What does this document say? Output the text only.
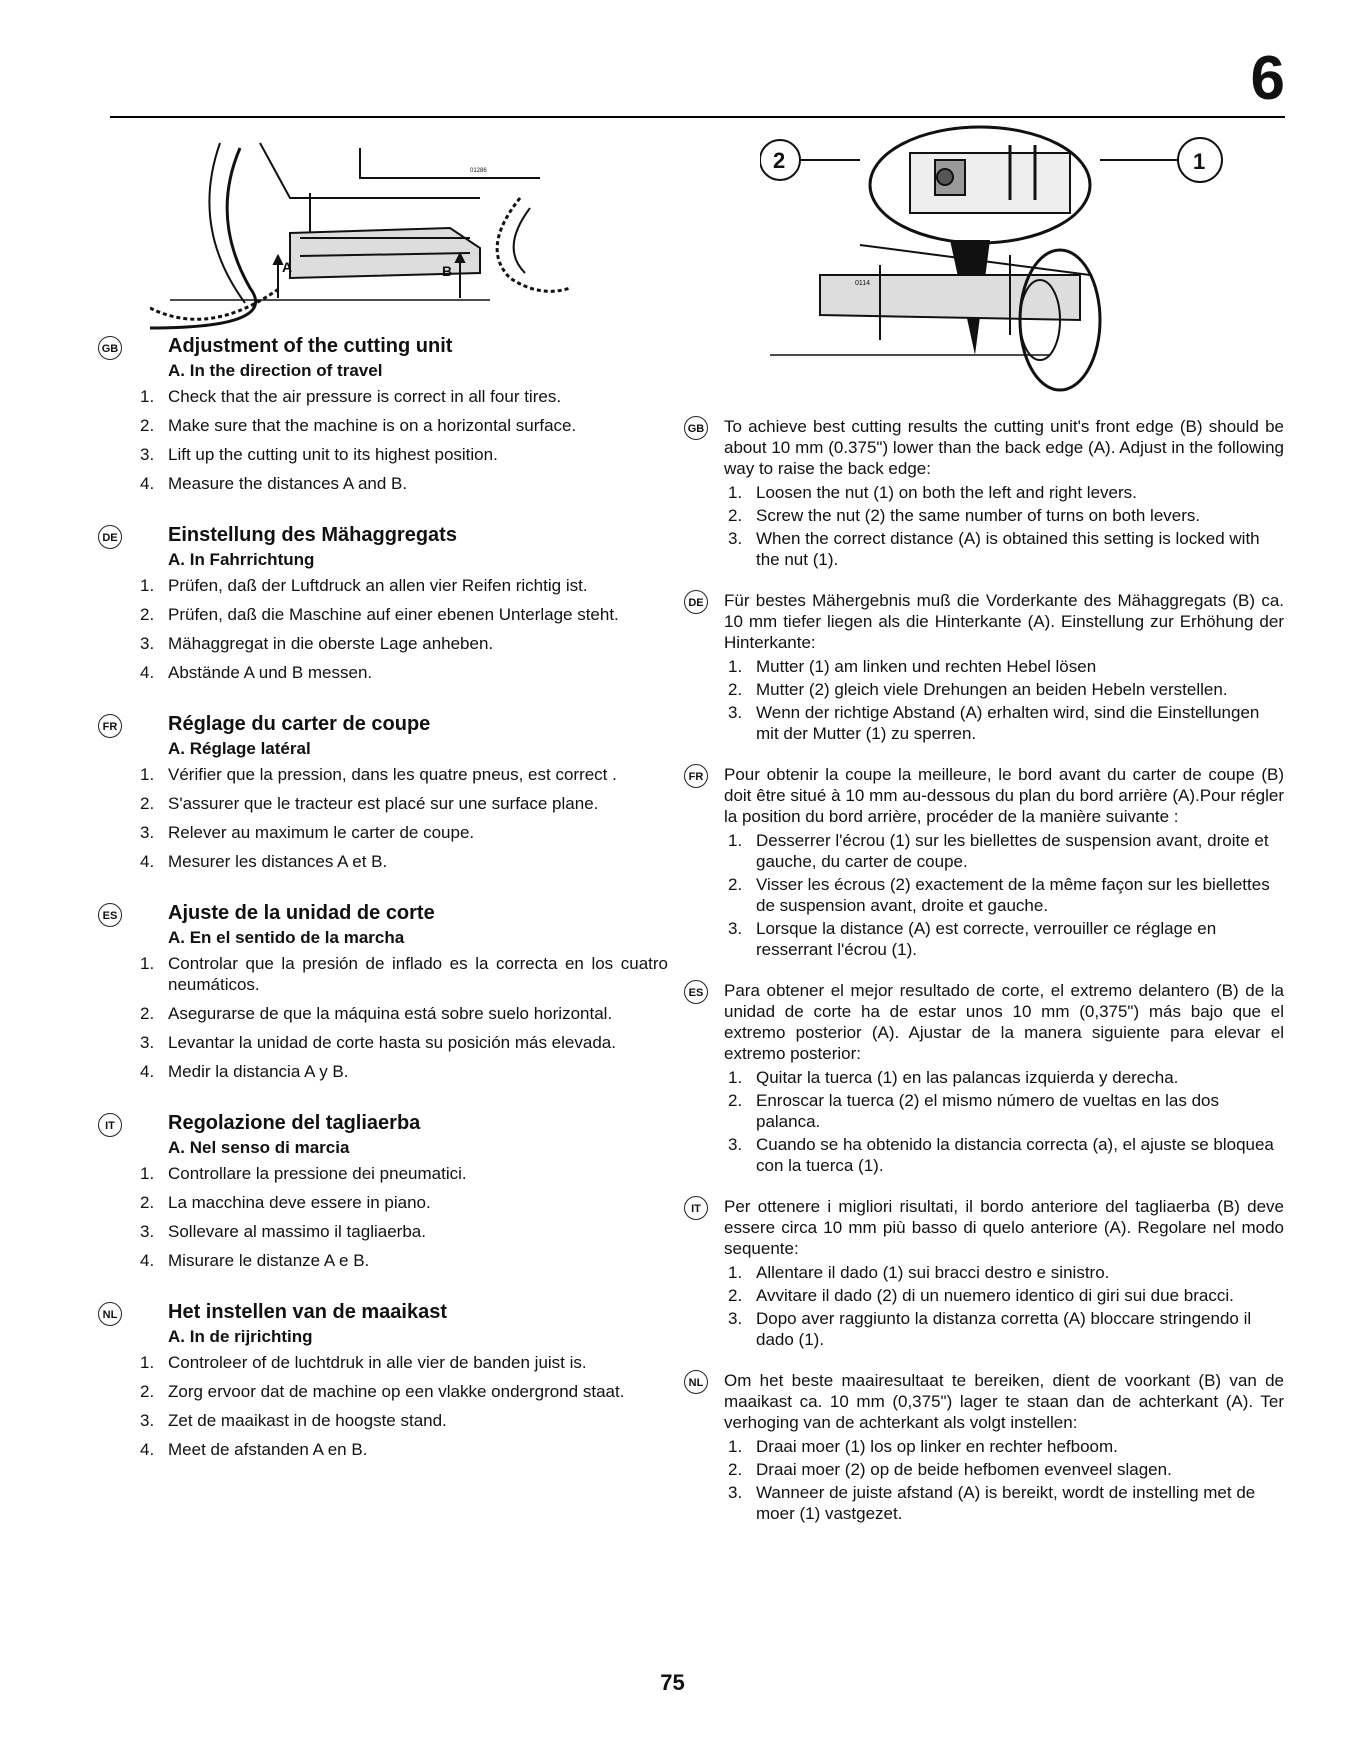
6
A	B
01286	2	1
0114
GB Adjustment of the cutting unit
A. In the direction of travel
1. Check that the air pressure is correct in all four tires.
2. Make sure that the machine is on a horizontal surface.
3. Lift up the cutting unit to its highest position.
4. Measure the distances A and B.
DE	Einstellung des Mähaggregats
A. In Fahrrichtung
1. Prüfen, daß der Luftdruck an allen vier Reifen richtig ist.
2. Prüfen, daß die Maschine auf einer ebenen Unterlage steht.
3. Mähaggregat in die oberste Lage anheben.
4. Abstände A und B messen.
FR	Réglage du carter de coupe
A. Réglage latéral
1. Vérifier que la pression, dans les quatre pneus, est correct .
2. S'assurer que le tracteur est placé sur une surface plane.
3. Relever au maximum le carter de coupe.
4. Mesurer les distances A et B.
ES	Ajuste de la unidad de corte
A. En el sentido de la marcha
1. Controlar que la presión de inflado es la correcta en los cuatro neumáticos.
2. Asegurarse de que la máquina está sobre suelo horizontal.
3. Levantar la unidad de corte hasta su posición más elevada.
4. Medir la distancia A y B.
IT	Regolazione del tagliaerba
A. Nel senso di marcia
1. Controllare la pressione dei pneumatici.
2. La macchina deve essere in piano.
3. Sollevare al massimo il tagliaerba.
4. Misurare le distanze A e B.
NL	Het instellen van de maaikast
A. In de rijrichting
1. Controleer of de luchtdruk in alle vier de banden juist is.
2. Zorg ervoor dat de machine op een vlakke ondergrond staat.
3. Zet de maaikast in de hoogste stand.
4. Meet de afstanden A en B.
GB To achieve best cutting results the cutting unit's front edge (B) should be about 10 mm (0.375") lower than the back edge (A). Adjust in the following way to raise the back edge:
1. Loosen the nut (1) on both the left and right levers.
2. Screw the nut (2) the same number of turns on both levers.
3. When the correct distance (A) is obtained this setting is locked with the nut (1).
DE Für bestes Mähergebnis muß die Vorderkante des Mähaggregats (B) ca. 10 mm tiefer liegen als die Hinterkante (A). Einstellung zur Erhöhung der Hinterkante:
1. Mutter (1) am linken und rechten Hebel lösen
2. Mutter (2) gleich viele Drehungen an beiden Hebeln verstellen.
3. Wenn der richtige Abstand (A) erhalten wird, sind die Einstellungen mit der Mutter (1) zu sperren.
FR Pour obtenir la coupe la meilleure, le bord avant du carter de coupe (B) doit être situé à 10 mm au-dessous du plan du bord arrière (A).Pour régler la position du bord arrière, procéder de la manière suivante :
1. Desserrer l'écrou (1) sur les biellettes de suspension avant, droite et gauche, du carter de coupe.
2. Visser les écrous (2) exactement de la même façon sur les biellettes de suspension avant, droite et gauche.
3. Lorsque la distance (A) est correcte, verrouiller ce réglage en resserrant l'écrou (1).
ES Para obtener el mejor resultado de corte, el extremo delantero (B) de la unidad de corte ha de estar unos 10 mm (0,375") más bajo que el extremo posterior (A). Ajustar de la manera siguiente para elevar el extremo posterior:
1. Quitar la tuerca (1) en las palancas izquierda y derecha.
2. Enroscar la tuerca (2) el mismo número de vueltas en las dos palanca.
3. Cuando se ha obtenido la distancia correcta (a), el ajuste se bloquea con la tuerca (1).
IT	Per ottenere i migliori risultati, il bordo anteriore del tagliaerba (B) deve essere circa 10 mm più basso di quelo anteriore (A). Regolare nel modo sequente:
1. Allentare il dado (1) sui bracci destro e sinistro.
2. Avvitare il dado (2) di un nuemero identico di giri sui due bracci.
3. Dopo aver raggiunto la distanza corretta (A) bloccare stringendo il dado (1).
NL Om het beste maairesultaat te bereiken, dient de voorkant (B) van de maaikast ca. 10 mm (0,375") lager te staan dan de achterkant (A). Ter verhoging van de achterkant als volgt instellen:
1. Draai moer (1) los op linker en rechter hefboom.
2. Draai moer (2) op de beide hefbomen evenveel slagen.
3. Wanneer de juiste afstand (A) is bereikt, wordt de instelling met de moer (1) vastgezet.
75
